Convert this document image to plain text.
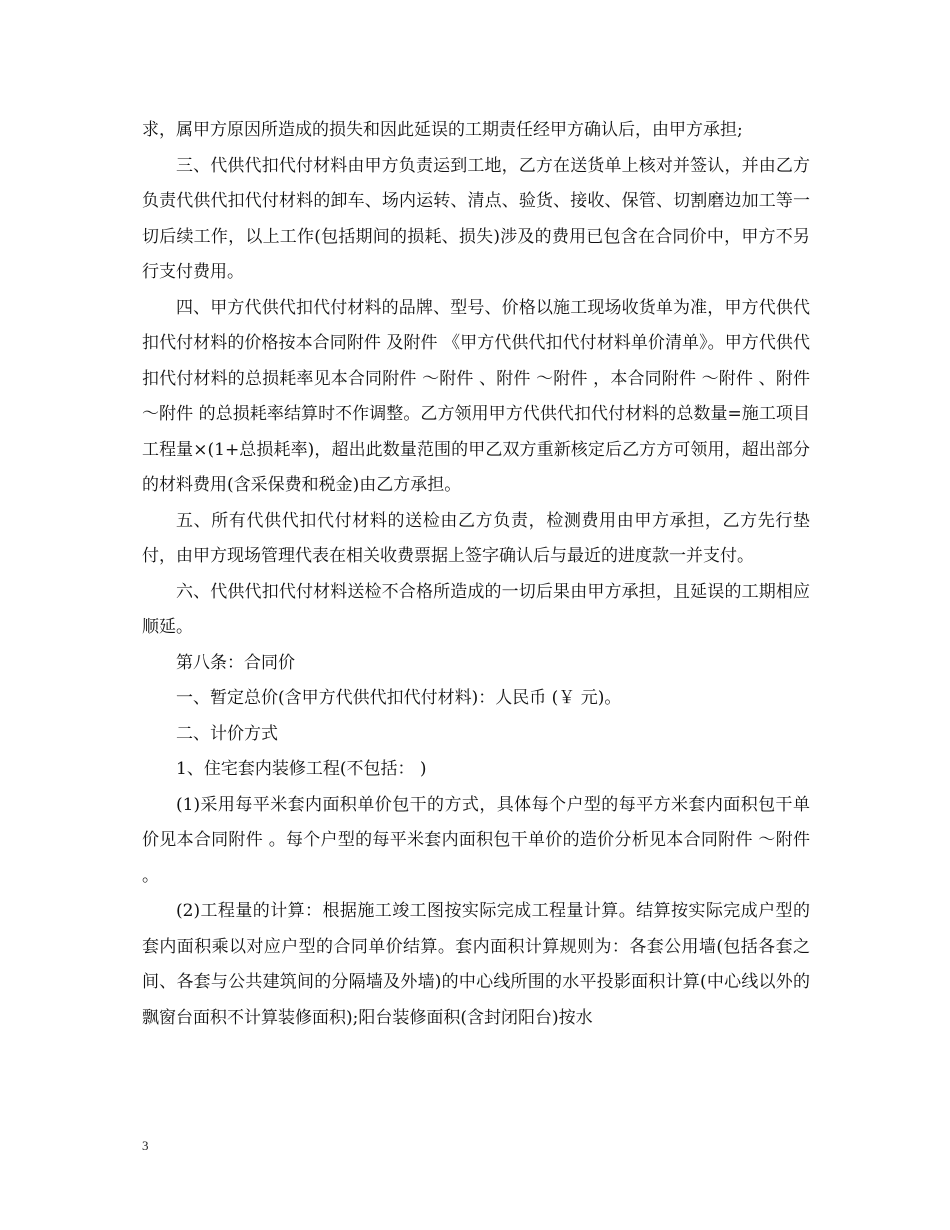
求，属甲方原因所造成的损失和因此延误的工期责任经甲方确认后，由甲方承担;

三、代供代扣代付材料由甲方负责运到工地，乙方在送货单上核对并签认，并由乙方负责代供代扣代付材料的卸车、场内运转、清点、验货、接收、保管、切割磨边加工等一切后续工作，以上工作(包括期间的损耗、损失)涉及的费用已包含在合同价中，甲方不另行支付费用。

四、甲方代供代扣代付材料的品牌、型号、价格以施工现场收货单为准，甲方代供代扣代付材料的价格按本合同附件 及附件 《甲方代供代扣代付材料单价清单》。甲方代供代扣代付材料的总损耗率见本合同附件 ～附件 、附件 ～附件 ，本合同附件 ～附件 、附件 ～附件 的总损耗率结算时不作调整。乙方领用甲方代供代扣代付材料的总数量=施工项目工程量×(1+总损耗率)，超出此数量范围的甲乙双方重新核定后乙方方可领用，超出部分的材料费用(含采保费和税金)由乙方承担。

五、所有代供代扣代付材料的送检由乙方负责，检测费用由甲方承担，乙方先行垫付，由甲方现场管理代表在相关收费票据上签字确认后与最近的进度款一并支付。

六、代供代扣代付材料送检不合格所造成的一切后果由甲方承担，且延误的工期相应顺延。

第八条：合同价

一、暂定总价(含甲方代供代扣代付材料)：人民币 (￥ 元)。

二、计价方式

1、住宅套内装修工程(不包括： )

(1)采用每平米套内面积单价包干的方式，具体每个户型的每平方米套内面积包干单价见本合同附件 。每个户型的每平米套内面积包干单价的造价分析见本合同附件 ～附件 。

(2)工程量的计算：根据施工竣工图按实际完成工程量计算。结算按实际完成户型的套内面积乘以对应户型的合同单价结算。套内面积计算规则为：各套公用墙(包括各套之间、各套与公共建筑间的分隔墙及外墙)的中心线所围的水平投影面积计算(中心线以外的飘窗台面积不计算装修面积);阳台装修面积(含封闭阳台)按水

3
